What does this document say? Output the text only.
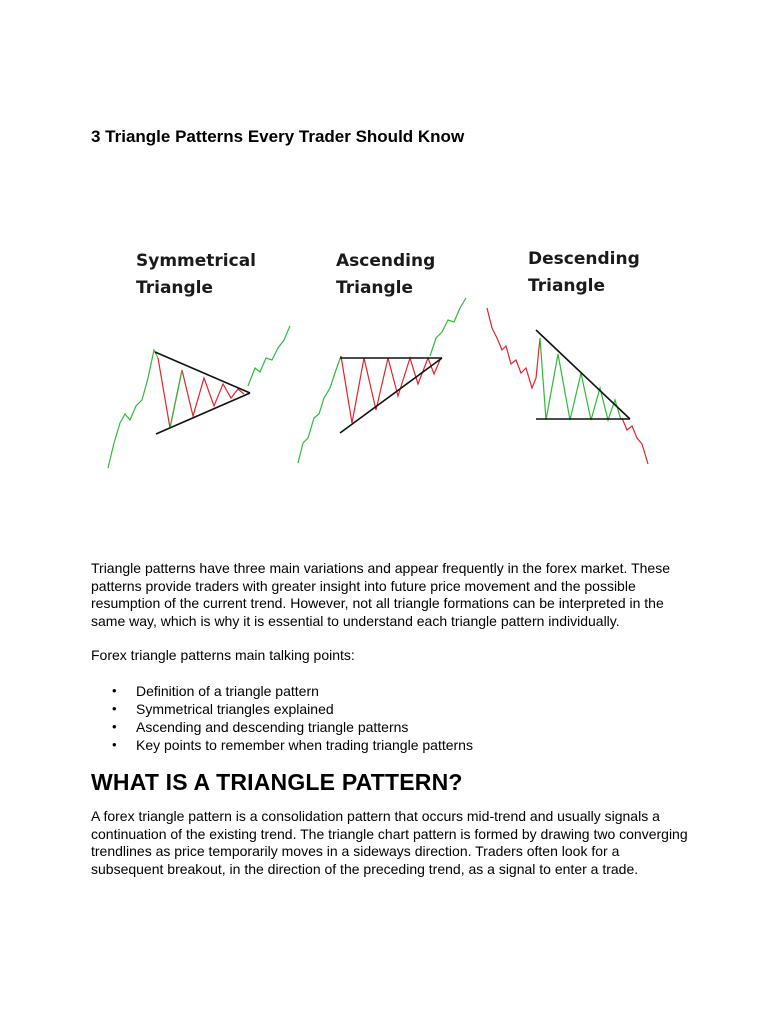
3 Triangle Patterns Every Trader Should Know
Symmetrical
Triangle
Ascending
Triangle
Descending
Triangle

Triangle patterns have three main variations and appear frequently in the forex market. These patterns provide traders with greater insight into future price movement and the possible resumption of the current trend. However, not all triangle formations can be interpreted in the same way, which is why it is essential to understand each triangle pattern individually.

Forex triangle patterns main talking points:

• Definition of a triangle pattern
• Symmetrical triangles explained
• Ascending and descending triangle patterns
• Key points to remember when trading triangle patterns
WHAT IS A TRIANGLE PATTERN?

A forex triangle pattern is a consolidation pattern that occurs mid-trend and usually signals a continuation of the existing trend. The triangle chart pattern is formed by drawing two converging trendlines as price temporarily moves in a sideways direction. Traders often look for a subsequent breakout, in the direction of the preceding trend, as a signal to enter a trade.
